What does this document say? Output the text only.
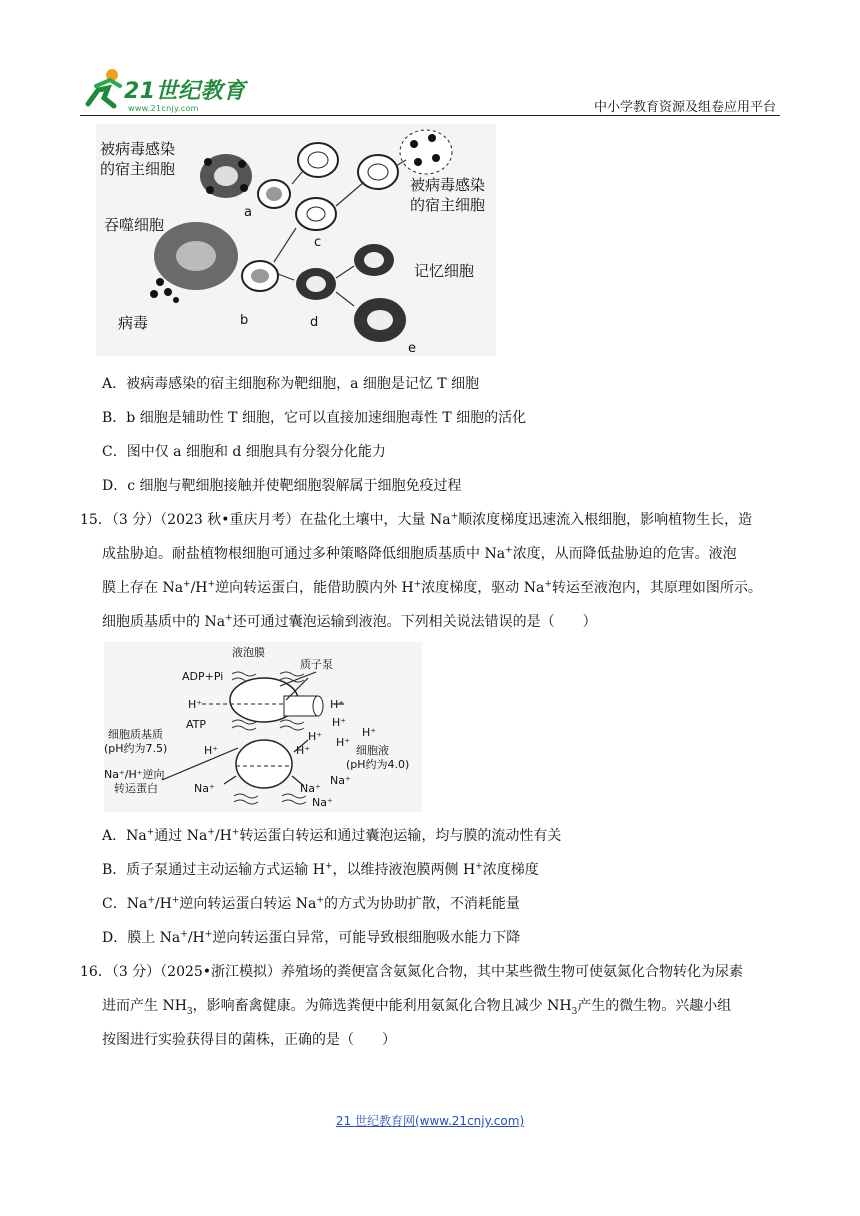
21世纪教育
www.21cnjy.com	中小学教育资源及组卷应用平台
被病毒感染
的宿主细胞
被病毒感染
的宿主细胞
吞噬细胞
病毒
记忆细胞
a
b
c
d
e
A．被病毒感染的宿主细胞称为靶细胞，a 细胞是记忆 T 细胞
B．b 细胞是辅助性 T 细胞，它可以直接加速细胞毒性 T 细胞的活化
C．图中仅 a 细胞和 d 细胞具有分裂分化能力
D．c 细胞与靶细胞接触并使靶细胞裂解属于细胞免疫过程
15．（3 分）（2023 秋•重庆月考）在盐化土壤中，大量 Na+顺浓度梯度迅速流入根细胞，影响植物生长，造
成盐胁迫。耐盐植物根细胞可通过多种策略降低细胞质基质中 Na+浓度，从而降低盐胁迫的危害。液泡
膜上存在 Na+/H+逆向转运蛋白，能借助膜内外 H+浓度梯度，驱动 Na+转运至液泡内，其原理如图所示。
细胞质基质中的 Na+还可通过囊泡运输到液泡。下列相关说法错误的是（　　）
液泡膜
ADP+Pi
质子泵
H⁺
ATP
H⁺
H⁺
H⁺ H⁺
H⁺
H⁺	H⁺
细胞质基质
(pH约为7.5)	细胞液
(pH约为4.0)
Na⁺/H⁺逆向
转运蛋白	Na⁺	Na⁺
Na⁺
Na⁺
A．Na+通过 Na+/H+转运蛋白转运和通过囊泡运输，均与膜的流动性有关
B．质子泵通过主动运输方式运输 H+，以维持液泡膜两侧 H+浓度梯度
C．Na+/H+逆向转运蛋白转运 Na+的方式为协助扩散，不消耗能量
D．膜上 Na+/H+逆向转运蛋白异常，可能导致根细胞吸水能力下降
16．（3 分）（2025•浙江模拟）养殖场的粪便富含氨氮化合物，其中某些微生物可使氨氮化合物转化为尿素
进而产生 $NH_3$，影响畜禽健康。为筛选粪便中能利用氨氮化合物且减少 $NH_3$产生的微生物。兴趣小组
按图进行实验获得目的菌株，正确的是（　　）
21 世纪教育网(www.21cnjy.com)
